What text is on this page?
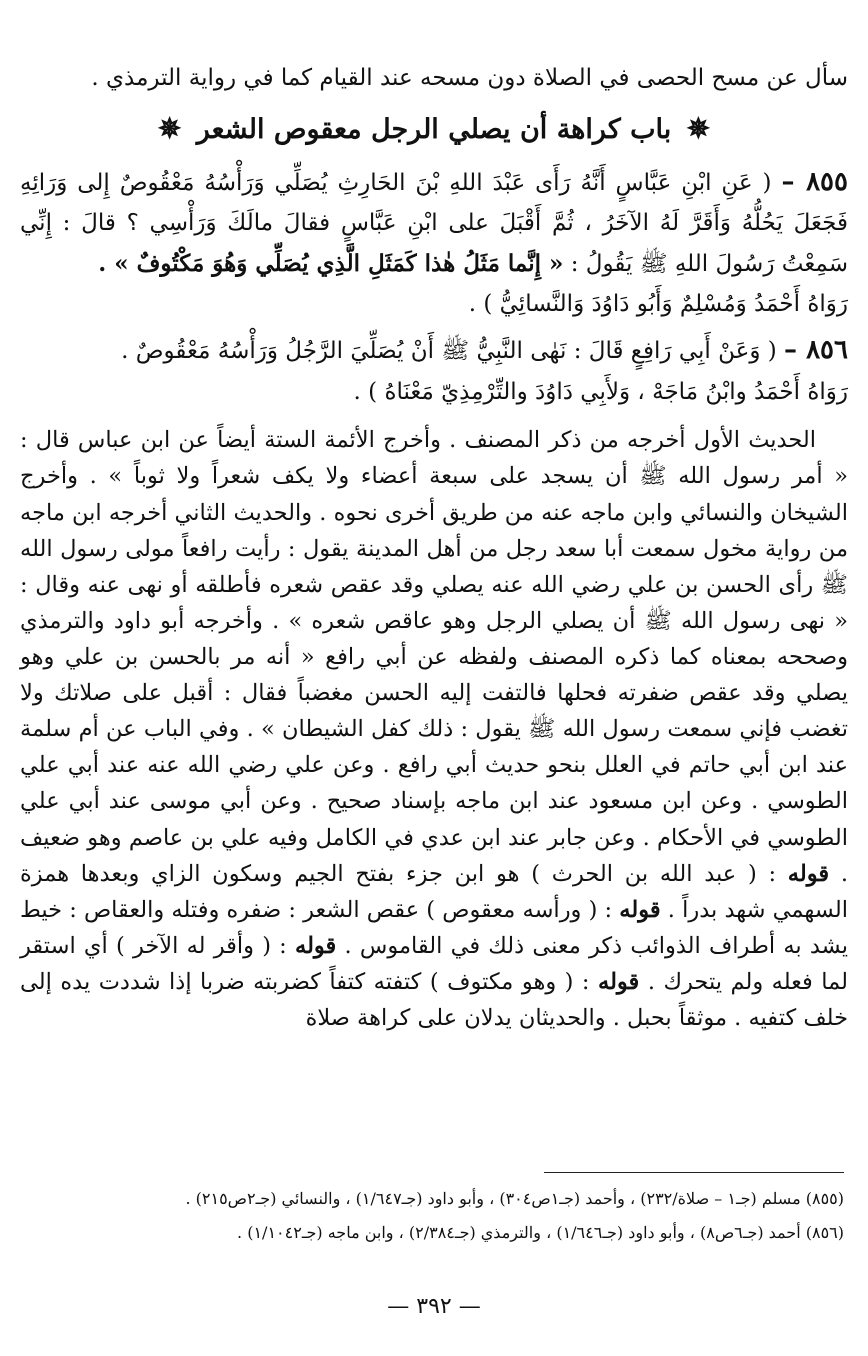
سأل عن مسح الحصى في الصلاة دون مسحه عند القيام كما في رواية الترمذي .

✵ باب كراهة أن يصلي الرجل معقوص الشعر ✵
٨٥٥ – ( عَنِ ابْنِ عَبَّاسٍ أَنَّهُ رَأَى عَبْدَ اللهِ بْنَ الحَارِثِ يُصَلِّي وَرَأْسُهُ مَعْقُوصٌ إِلى وَرَائِهِ فَجَعَلَ يَحُلُّهُ وَأَقَرَّ لَهُ الآخَرُ ، ثُمَّ أَقْبَلَ على ابْنِ عَبَّاسٍ فقالَ مالَكَ وَرَأْسِي ؟ قالَ : إِنِّي سَمِعْتُ رَسُولَ اللهِ ﷺ يَقُولُ : « إِنَّما مَثَلُ هٰذا كَمَثَلِ الَّذِي يُصَلِّي وَهُوَ مَكْتُوفٌ » .
رَوَاهُ أَحْمَدُ وَمُسْلِمٌ وَأَبُو دَاوُدَ وَالنَّسائِيُّ ) .
٨٥٦ – ( وَعَنْ أَبِي رَافِعٍ قَالَ : نَهٰى النَّبِيُّ ﷺ أَنْ يُصَلِّيَ الرَّجُلُ وَرَأْسُهُ مَعْقُوصٌ .
رَوَاهُ أَحْمَدُ وابْنُ مَاجَهْ ، وَلأَبِي دَاوُدَ والتِّرْمِذِيّ مَعْنَاهُ ) .

الحديث الأول أخرجه من ذكر المصنف . وأخرج الأئمة الستة أيضاً عن ابن عباس قال : « أمر رسول الله ﷺ أن يسجد على سبعة أعضاء ولا يكف شعراً ولا ثوباً » . وأخرج الشيخان والنسائي وابن ماجه عنه من طريق أخرى نحوه . والحديث الثاني أخرجه ابن ماجه من رواية مخول سمعت أبا سعد رجل من أهل المدينة يقول : رأيت رافعاً مولى رسول الله ﷺ رأى الحسن بن علي رضي الله عنه يصلي وقد عقص شعره فأطلقه أو نهى عنه وقال : « نهى رسول الله ﷺ أن يصلي الرجل وهو عاقص شعره » . وأخرجه أبو داود والترمذي وصححه بمعناه كما ذكره المصنف ولفظه عن أبي رافع « أنه مر بالحسن بن علي وهو يصلي وقد عقص ضفرته فحلها فالتفت إليه الحسن مغضباً فقال : أقبل على صلاتك ولا تغضب فإني سمعت رسول الله ﷺ يقول : ذلك كفل الشيطان » . وفي الباب عن أم سلمة عند ابن أبي حاتم في العلل بنحو حديث أبي رافع . وعن علي رضي الله عنه عند أبي علي الطوسي . وعن ابن مسعود عند ابن ماجه بإسناد صحيح . وعن أبي موسى عند أبي علي الطوسي في الأحكام . وعن جابر عند ابن عدي في الكامل وفيه علي بن عاصم وهو ضعيف . قوله : ( عبد الله بن الحرث ) هو ابن جزء بفتح الجيم وسكون الزاي وبعدها همزة السهمي شهد بدراً . قوله : ( ورأسه معقوص ) عقص الشعر : ضفره وفتله والعقاص : خيط يشد به أطراف الذوائب ذكر معنى ذلك في القاموس . قوله : ( وأقر له الآخر ) أي استقر لما فعله ولم يتحرك . قوله : ( وهو مكتوف ) كتفته كتفاً كضربته ضربا إذا شددت يده إلى خلف كتفيه . موثقاً بحبل . والحديثان يدلان على كراهة صلاة

(٨٥٥) مسلم (جـ١ – صلاة/٢٣٢) ، وأحمد (جـ١ص٣٠٤) ، وأبو داود (جـ١/٦٤٧) ، والنسائي (جـ٢ص٢١٥) .

(٨٥٦) أحمد (جـ٦ص٨) ، وأبو داود (جـ١/٦٤٦) ، والترمذي (جـ٢/٣٨٤) ، وابن ماجه (جـ١/١٠٤٢) .

— ٣٩٢ —
